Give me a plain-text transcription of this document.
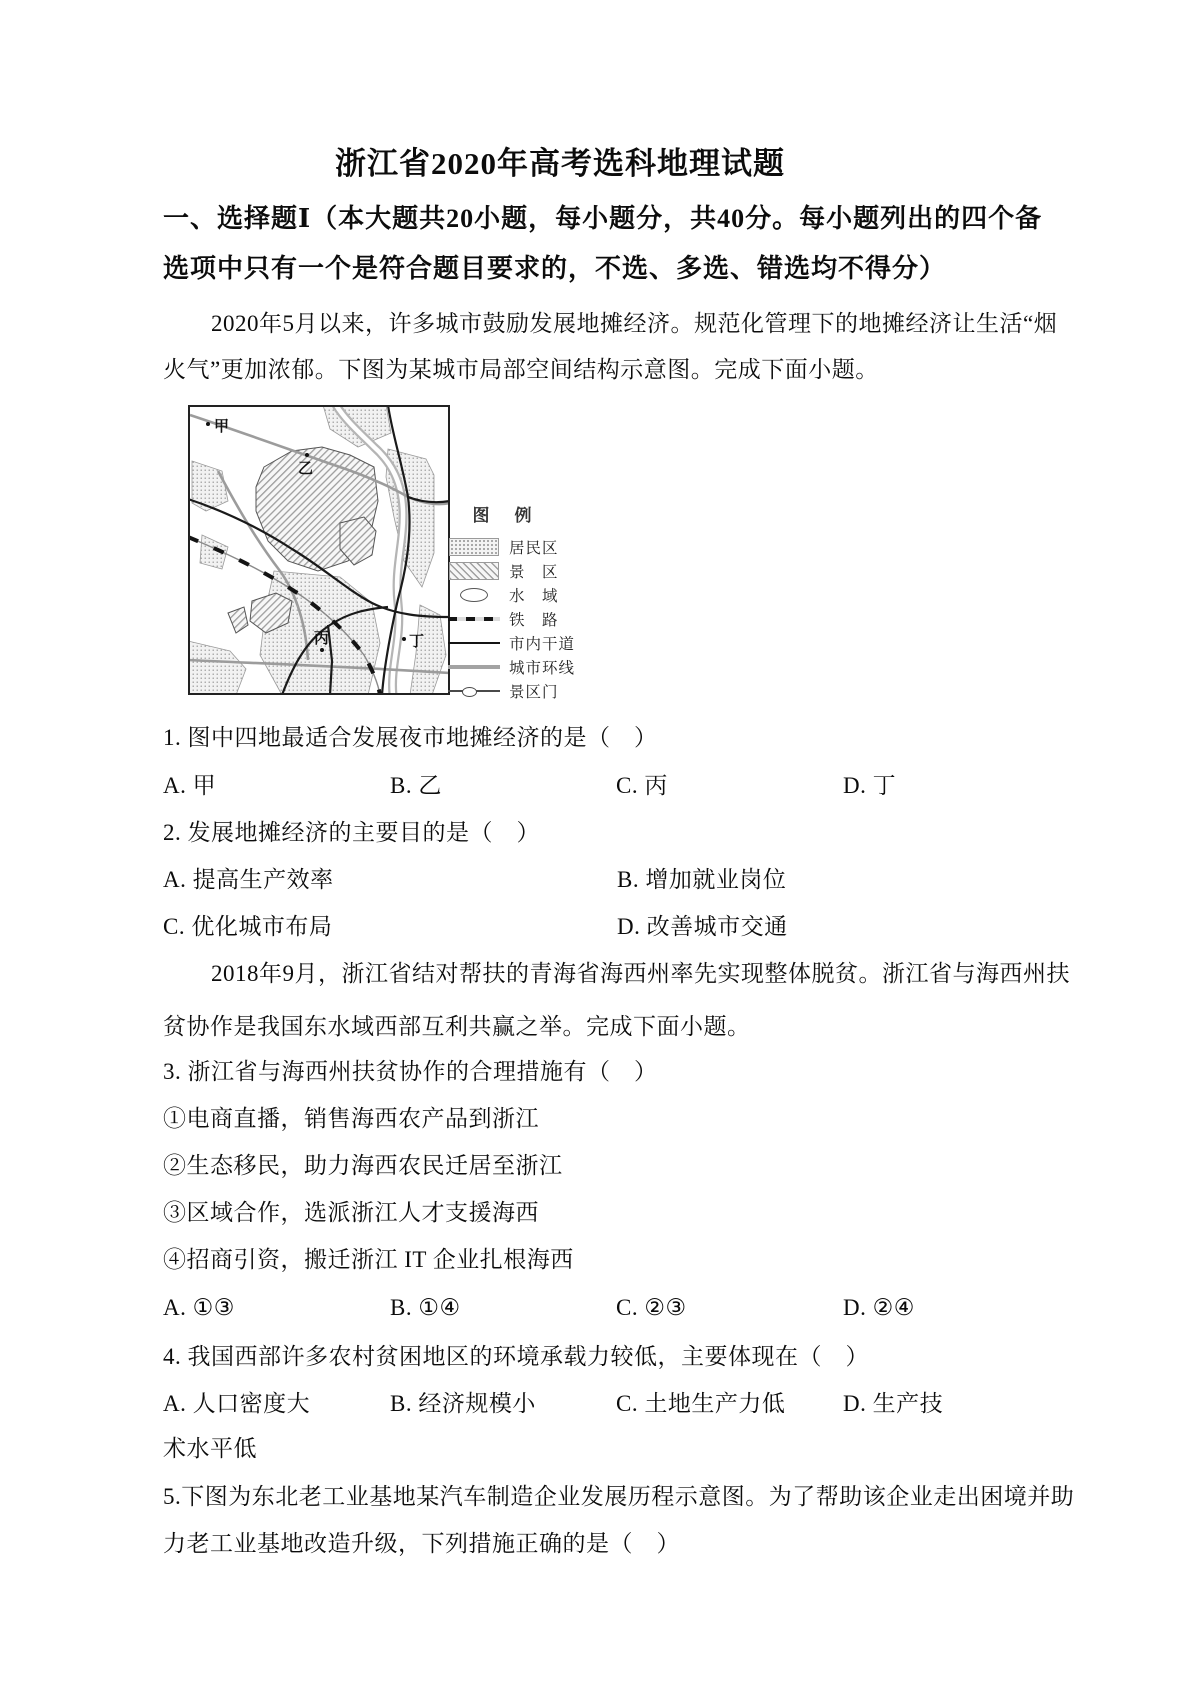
浙江省2020年高考选科地理试题
一、选择题Ⅰ（本大题共20小题，每小题分，共40分。每小题列出的四个备
选项中只有一个是符合题目要求的，不选、多选、错选均不得分）
2020年5月以来，许多城市鼓励发展地摊经济。规范化管理下的地摊经济让生活“烟
火气”更加浓郁。下图为某城市局部空间结构示意图。完成下面小题。
甲
乙
丙	丁
图　例
居民区
景　区
水　域
铁　路
市内干道
城市环线
景区门
1. 图中四地最适合发展夜市地摊经济的是（　）
A. 甲	B. 乙	C. 丙	D. 丁
2. 发展地摊经济的主要目的是（　）
A. 提高生产效率	B. 增加就业岗位
C. 优化城市布局	D. 改善城市交通
2018年9月，浙江省结对帮扶的青海省海西州率先实现整体脱贫。浙江省与海西州扶
贫协作是我国东水域西部互利共赢之举。完成下面小题。
3. 浙江省与海西州扶贫协作的合理措施有（　）
①电商直播，销售海西农产品到浙江
②生态移民，助力海西农民迁居至浙江
③区域合作，选派浙江人才支援海西
④招商引资，搬迁浙江 IT 企业扎根海西
A. ①③	B. ①④	C. ②③	D. ②④
4. 我国西部许多农村贫困地区的环境承载力较低，主要体现在（　）
A. 人口密度大	B. 经济规模小	C. 土地生产力低	D. 生产技
术水平低
5.下图为东北老工业基地某汽车制造企业发展历程示意图。为了帮助该企业走出困境并助
力老工业基地改造升级，下列措施正确的是（　）
